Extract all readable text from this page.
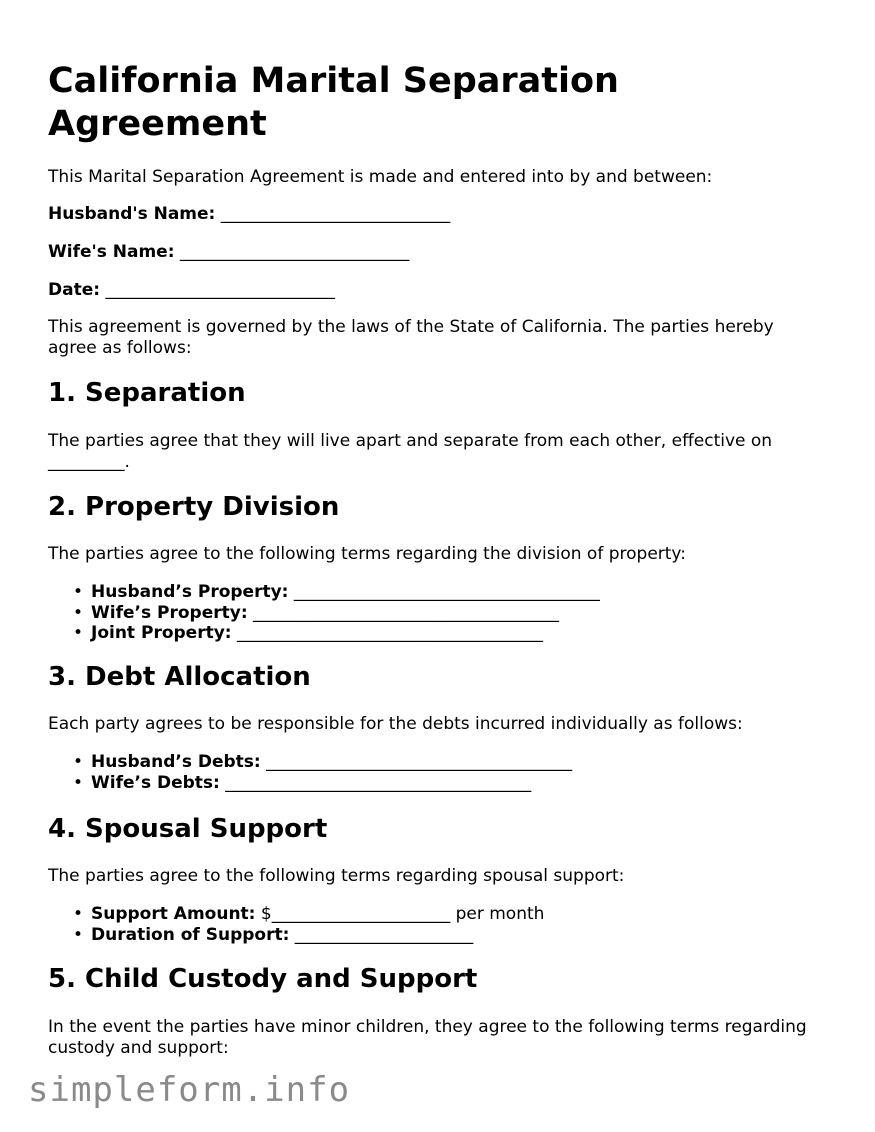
California Marital Separation Agreement

This Marital Separation Agreement is made and entered into by and between:

Husband's Name: ___________________________
Wife's Name: ___________________________
Date: ___________________________

This agreement is governed by the laws of the State of California. The parties hereby agree as follows:

1. Separation

The parties agree that they will live apart and separate from each other, effective on _________.

2. Property Division

The parties agree to the following terms regarding the division of property:

• Husband’s Property: ____________________________________
• Wife’s Property: ____________________________________
• Joint Property: ____________________________________
3. Debt Allocation

Each party agrees to be responsible for the debts incurred individually as follows:

• Husband’s Debts: ____________________________________
• Wife’s Debts: ____________________________________
4. Spousal Support

The parties agree to the following terms regarding spousal support:

• Support Amount: $_____________________ per month
• Duration of Support: _____________________
5. Child Custody and Support

In the event the parties have minor children, they agree to the following terms regarding custody and support:

simpleform.info
